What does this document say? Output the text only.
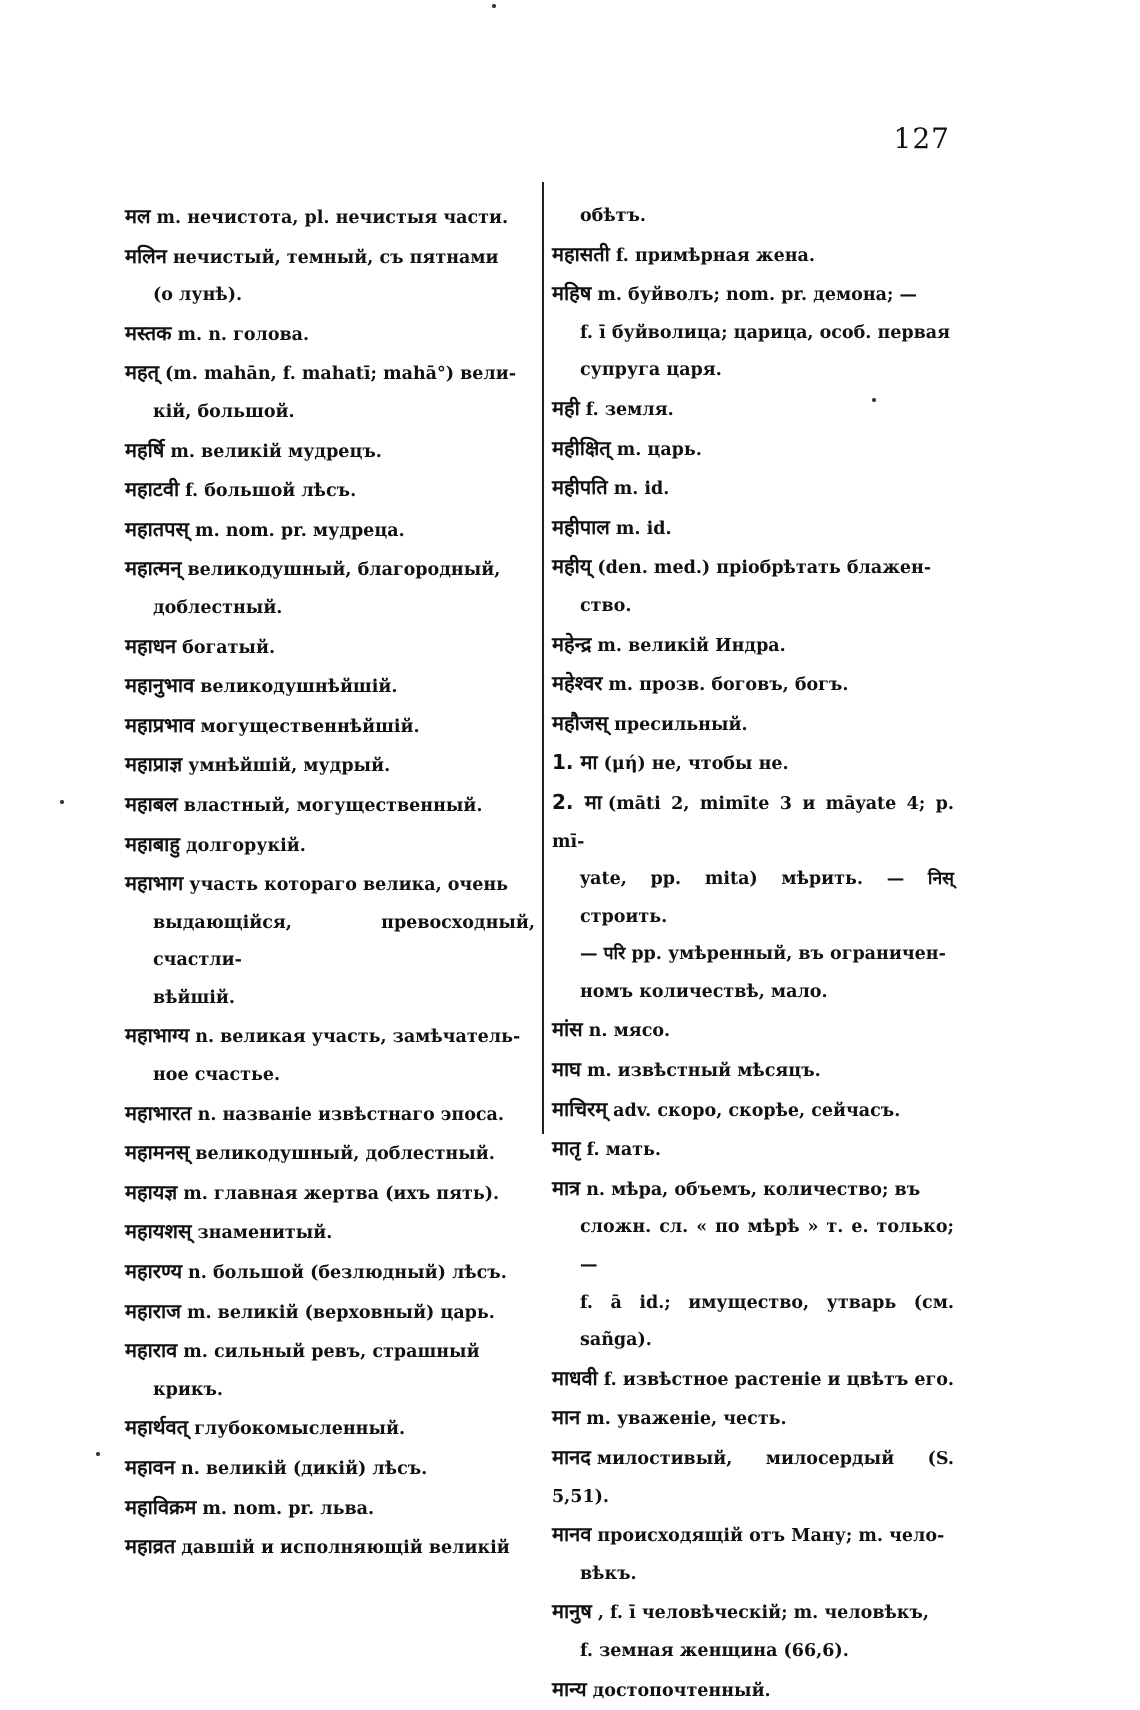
127
मल m. нечистота, pl. нечистыя части.
मलिन нечистый, темный, съ пятнами
(о лунѣ).
मस्तक m. n. голова.
महत् (m. mahān, f. mahatī; mahā°) вели-
кій, большой.
महर्षि m. великій мудрецъ.
महाटवी f. большой лѣсъ.
महातपस् m. nom. pr. мудреца.
महात्मन् великодушный, благородный,
доблестный.
महाधन богатый.
महानुभाव великодушнѣйшій.
महाप्रभाव могущественнѣйшій.
महाप्राज्ञ умнѣйшій, мудрый.
महाबल властный, могущественный.
महाबाहु долгорукій.
महाभाग участь котораго велика, очень
выдающійся, превосходный, счастли-
вѣйшій.
महाभाग्य n. великая участь, замѣчатель-
ное счастье.
महाभारत n. названіе извѣстнаго эпоса.
महामनस् великодушный, доблестный.
महायज्ञ m. главная жертва (ихъ пять).
महायशस् знаменитый.
महारण्य n. большой (безлюдный) лѣсъ.
महाराज m. великій (верховный) царь.
महाराव m. сильный ревъ, страшный
крикъ.
महार्थवत् глубокомысленный.
महावन n. великій (дикій) лѣсъ.
महाविक्रम m. nom. pr. льва.
महाव्रत давшій и исполняющій великій
обѣтъ.
महासती f. примѣрная жена.
महिष m. буйволъ; nom. pr. демона; —
f. ī буйволица; царица, особ. первая
супруга царя.
मही f. земля.
महीक्षित् m. царь.
महीपति m. id.
महीपाल m. id.
महीय् (den. med.) пріобрѣтать блажен-
ство.
महेन्द्र m. великій Индра.
महेश्वर m. прозв. боговъ, богъ.
महौजस् пресильный.
1. मा (μή) не, чтобы не.
2. मा (māti 2, mimīte 3 и māyate 4; p. mī-
yate, pp. mita) мѣрить. — निस् строить.
— परि pp. умѣренный, въ ограничен-
номъ количествѣ, мало.
मांस n. мясо.
माघ m. извѣстный мѣсяцъ.
माचिरम् adv. скоро, скорѣе, сейчасъ.
मातृ f. мать.
मात्र n. мѣра, объемъ, количество; въ
сложн. сл. « по мѣрѣ » т. е. только; —
f. ā id.; имущество, утварь (см. sañga).
माधवी f. извѣстное растеніе и цвѣтъ его.
मान m. уваженіе, честь.
मानद милостивый, милосердый (S. 5,51).
मानव происходящій отъ Ману; m. чело-
вѣкъ.
मानुष , f. ī человѣческій; m. человѣкъ,
f. земная женщина (66,6).
मान्य достопочтенный.
